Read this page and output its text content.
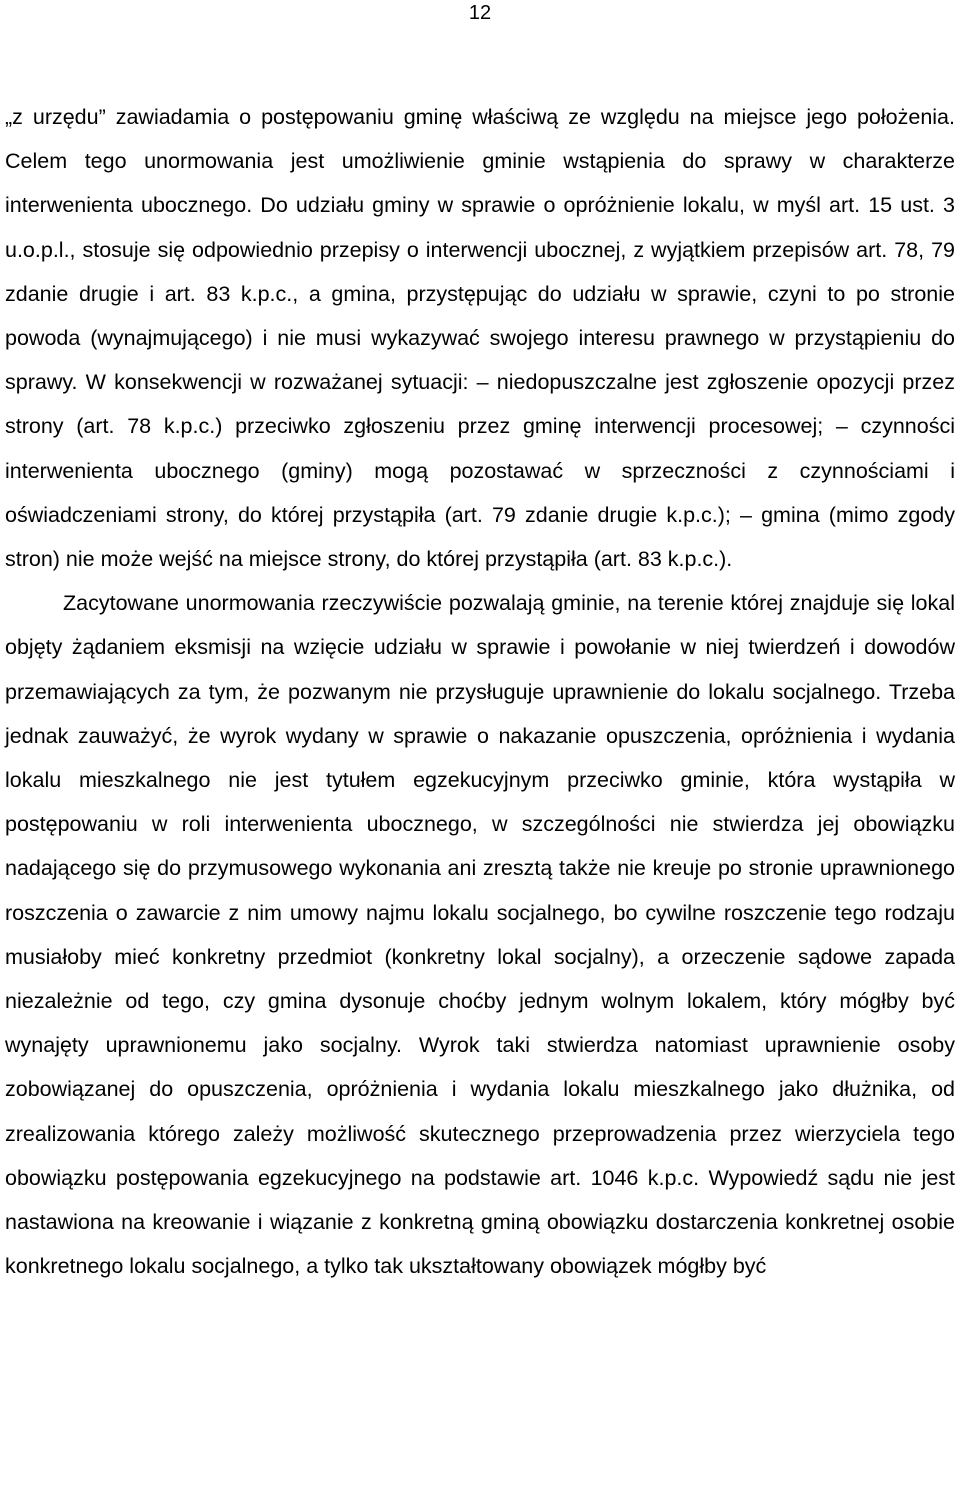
12

„z urzędu” zawiadamia o postępowaniu gminę właściwą ze względu na miejsce jego położenia. Celem tego unormowania jest umożliwienie gminie wstąpienia do sprawy w charakterze interwenienta ubocznego. Do udziału gminy w sprawie o opróżnienie lokalu, w myśl art. 15 ust. 3 u.o.p.l., stosuje się odpowiednio przepisy o interwencji ubocznej, z wyjątkiem przepisów art. 78, 79 zdanie drugie i art. 83 k.p.c., a gmina, przystępując do udziału w sprawie, czyni to po stronie powoda (wynajmującego) i nie musi wykazywać swojego interesu prawnego w przystąpieniu do sprawy. W konsekwencji w rozważanej sytuacji: – niedopuszczalne jest zgłoszenie opozycji przez strony (art. 78 k.p.c.) przeciwko zgłoszeniu przez gminę interwencji procesowej; – czynności interwenienta ubocznego (gminy) mogą pozostawać w sprzeczności z czynnościami i oświadczeniami strony, do której przystąpiła (art. 79 zdanie drugie k.p.c.); – gmina (mimo zgody stron) nie może wejść na miejsce strony, do której przystąpiła (art. 83 k.p.c.).

Zacytowane unormowania rzeczywiście pozwalają gminie, na terenie której znajduje się lokal objęty żądaniem eksmisji na wzięcie udziału w sprawie i powołanie w niej twierdzeń i dowodów przemawiających za tym, że pozwanym nie przysługuje uprawnienie do lokalu socjalnego. Trzeba jednak zauważyć, że wyrok wydany w sprawie o nakazanie opuszczenia, opróżnienia i wydania lokalu mieszkalnego nie jest tytułem egzekucyjnym przeciwko gminie, która wystąpiła w postępowaniu w roli interwenienta ubocznego, w szczególności nie stwierdza jej obowiązku nadającego się do przymusowego wykonania ani zresztą także nie kreuje po stronie uprawnionego roszczenia o zawarcie z nim umowy najmu lokalu socjalnego, bo cywilne roszczenie tego rodzaju musiałoby mieć konkretny przedmiot (konkretny lokal socjalny), a orzeczenie sądowe zapada niezależnie od tego, czy gmina dysonuje choćby jednym wolnym lokalem, który mógłby być wynajęty uprawnionemu jako socjalny. Wyrok taki stwierdza natomiast uprawnienie osoby zobowiązanej do opuszczenia, opróżnienia i wydania lokalu mieszkalnego jako dłużnika, od zrealizowania którego zależy możliwość skutecznego przeprowadzenia przez wierzyciela tego obowiązku postępowania egzekucyjnego na podstawie art. 1046 k.p.c. Wypowiedź sądu nie jest nastawiona na kreowanie i wiązanie z konkretną gminą obowiązku dostarczenia konkretnej osobie konkretnego lokalu socjalnego, a tylko tak ukształtowany obowiązek mógłby być
